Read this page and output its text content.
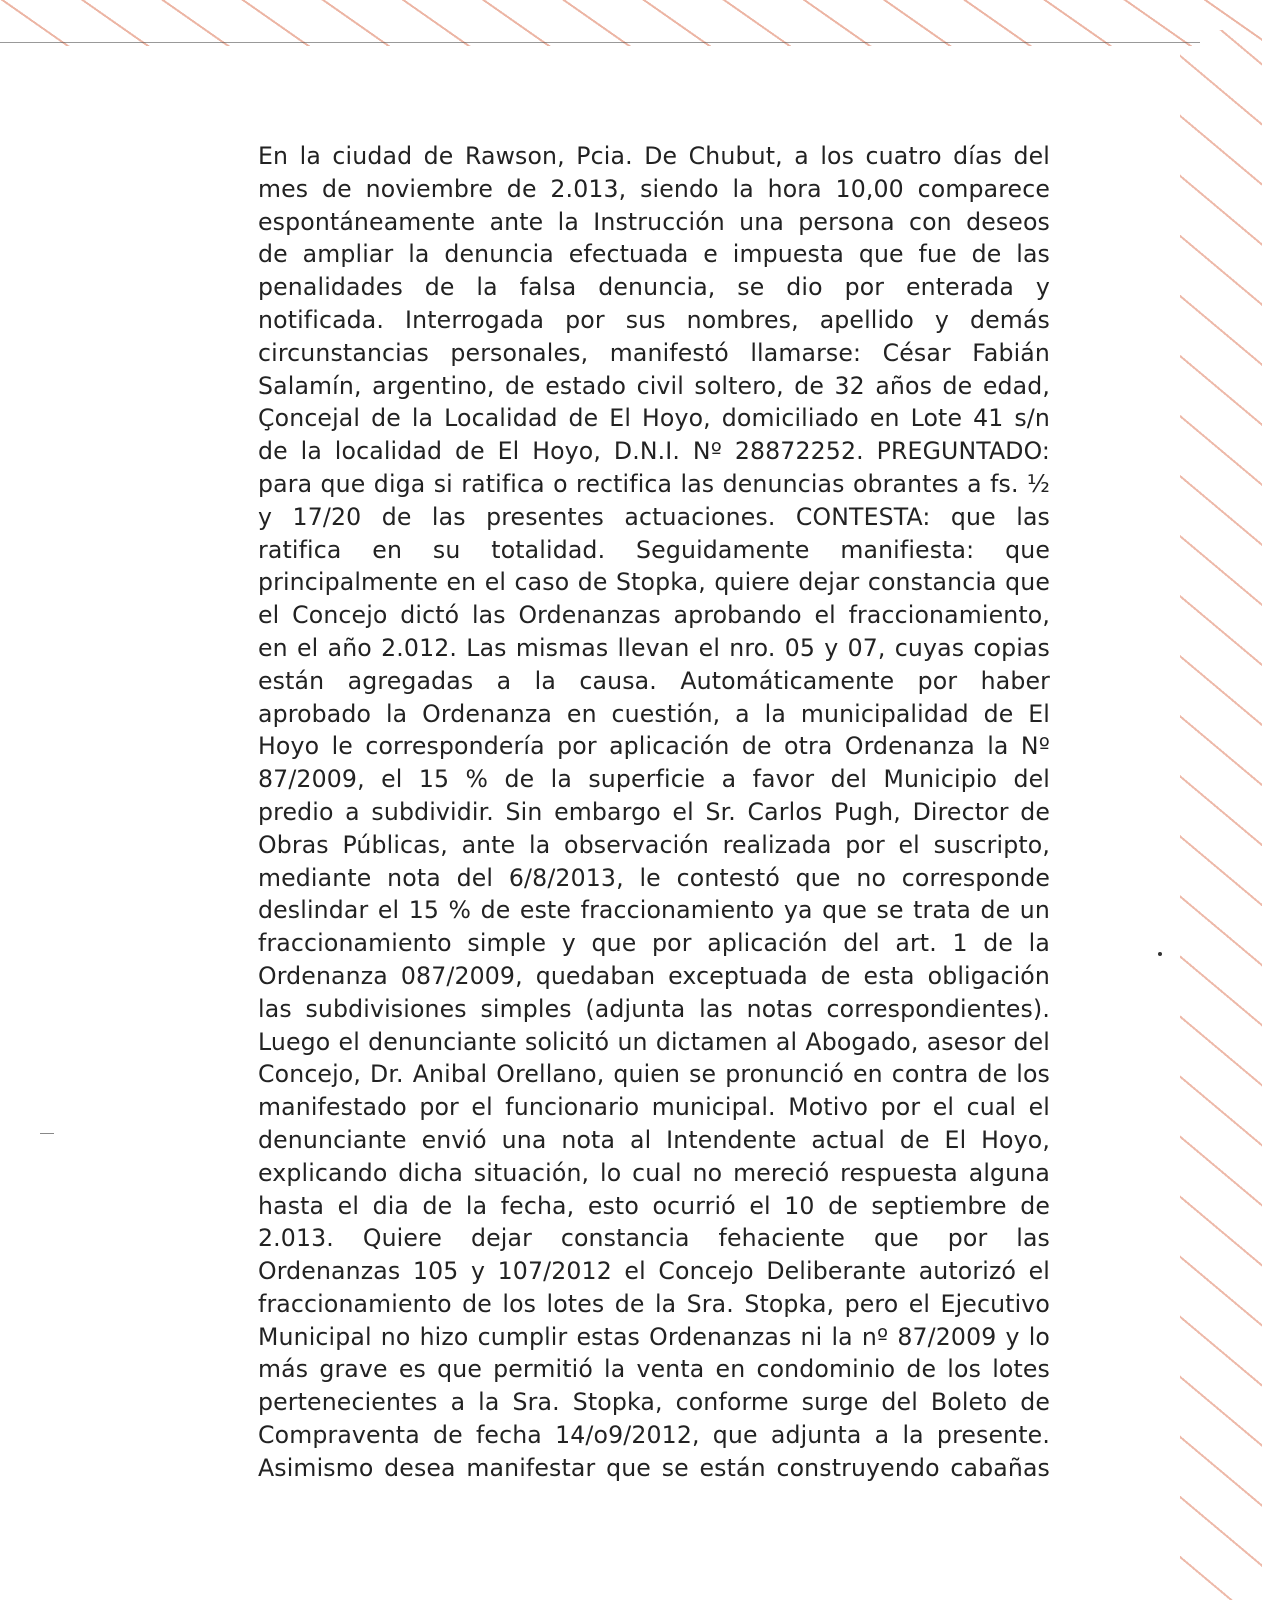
En la ciudad de Rawson, Pcia. De Chubut, a los cuatro días del
mes de noviembre de 2.013, siendo la hora 10,00 comparece
espontáneamente ante la Instrucción una persona con deseos
de ampliar la denuncia efectuada e impuesta que fue de las
penalidades de la falsa denuncia, se dio por enterada y
notificada. Interrogada por sus nombres, apellido y demás
circunstancias personales, manifestó llamarse: César Fabián
Salamín, argentino, de estado civil soltero, de 32 años de edad,
Çoncejal de la Localidad de El Hoyo, domiciliado en Lote 41 s/n
de la localidad de El Hoyo, D.N.I. Nº 28872252. PREGUNTADO:
para que diga si ratifica o rectifica las denuncias obrantes a fs. ½
y 17/20 de las presentes actuaciones. CONTESTA: que las
ratifica en su totalidad. Seguidamente manifiesta: que
principalmente en el caso de Stopka, quiere dejar constancia que
el Concejo dictó las Ordenanzas aprobando el fraccionamiento,
en el año 2.012. Las mismas llevan el nro. 05 y 07, cuyas copias
están agregadas a la causa. Automáticamente por haber
aprobado la Ordenanza en cuestión, a la municipalidad de El
Hoyo le correspondería por aplicación de otra Ordenanza la Nº
87/2009, el 15 % de la superficie a favor del Municipio del
predio a subdividir. Sin embargo el Sr. Carlos Pugh, Director de
Obras Públicas, ante la observación realizada por el suscripto,
mediante nota del 6/8/2013, le contestó que no corresponde
deslindar el 15 % de este fraccionamiento ya que se trata de un
fraccionamiento simple y que por aplicación del art. 1 de la
Ordenanza 087/2009, quedaban exceptuada de esta obligación
las subdivisiones simples (adjunta las notas correspondientes).
Luego el denunciante solicitó un dictamen al Abogado, asesor del
Concejo, Dr. Anibal Orellano, quien se pronunció en contra de los
manifestado por el funcionario municipal. Motivo por el cual el
denunciante envió una nota al Intendente actual de El Hoyo,
explicando dicha situación, lo cual no mereció respuesta alguna
hasta el dia de la fecha, esto ocurrió el 10 de septiembre de
2.013. Quiere dejar constancia fehaciente que por las
Ordenanzas 105 y 107/2012 el Concejo Deliberante autorizó el
fraccionamiento de los lotes de la Sra. Stopka, pero el Ejecutivo
Municipal no hizo cumplir estas Ordenanzas ni la nº 87/2009 y lo
más grave es que permitió la venta en condominio de los lotes
pertenecientes a la Sra. Stopka, conforme surge del Boleto de
Compraventa de fecha 14/o9/2012, que adjunta a la presente.
Asimismo desea manifestar que se están construyendo cabañas
